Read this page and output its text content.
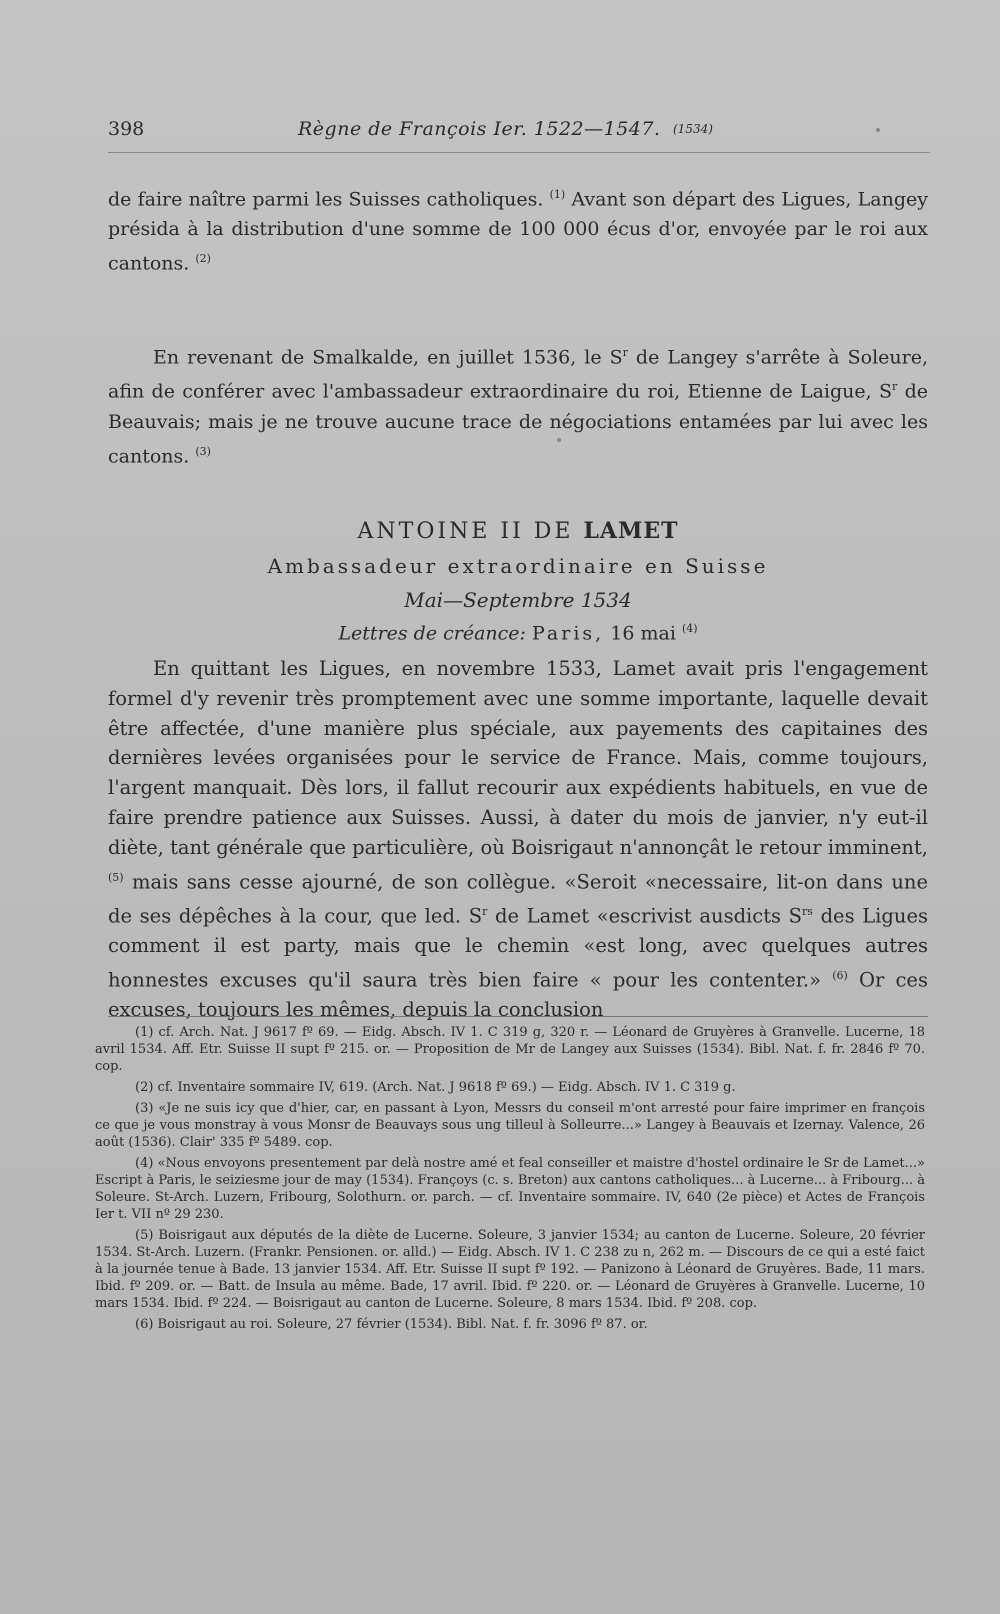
398	Règne de François Ier. 1522—1547. (1534)
de faire naître parmi les Suisses catholiques. $^{(1)}$ Avant son départ des Ligues, Langey présida à la distribution d'une somme de 100 000 écus d'or, envoyée par le roi aux cantons. $^{(2)}$
En revenant de Smalkalde, en juillet 1536, le $S^r$ de Langey s'arrête à Soleure, afin de conférer avec l'ambassadeur extraordinaire du roi, Etienne de Laigue, $S^r$ de Beauvais; mais je ne trouve aucune trace de négociations entamées par lui avec les cantons. $^{(3)}$
ANTOINE II DE LAMET
Ambassadeur extraordinaire en Suisse
Mai—Septembre 1534
Lettres de créance: Paris, 16 mai $^{(4)}$
En quittant les Ligues, en novembre 1533, Lamet avait pris l'engagement formel d'y revenir très promptement avec une somme importante, laquelle devait être affectée, d'une manière plus spéciale, aux payements des capitaines des dernières levées organisées pour le service de France. Mais, comme toujours, l'argent manquait. Dès lors, il fallut recourir aux expédients habituels, en vue de faire prendre patience aux Suisses. Aussi, à dater du mois de janvier, n'y eut-il diète, tant générale que particulière, où Boisrigaut n'annonçât le retour imminent,$^{(5)}$ mais sans cesse ajourné, de son collègue. «Seroit «necessaire, lit-on dans une de ses dépêches à la cour, que led. $S^r$ de Lamet «escrivist ausdicts $S^{rs}$ des Ligues comment il est party, mais que le chemin «est long, avec quelques autres honnestes excuses qu'il saura très bien faire « pour les contenter.» $^{(6)}$ Or ces excuses, toujours les mêmes, depuis la conclusion

(1) cf. Arch. Nat. J 9617 fº 69. — Eidg. Absch. IV 1. C 319 g, 320 r. — Léonard de Gruyères à Granvelle. Lucerne, 18 avril 1534. Aff. Etr. Suisse II supt fº 215. or. — Proposition de Mr de Langey aux Suisses (1534). Bibl. Nat. f. fr. 2846 fº 70. cop.

(2) cf. Inventaire sommaire IV, 619. (Arch. Nat. J 9618 fº 69.) — Eidg. Absch. IV 1. C 319 g.

(3) «Je ne suis icy que d'hier, car, en passant à Lyon, Messrs du conseil m'ont arresté pour faire imprimer en françois ce que je vous monstray à vous Monsr de Beauvays sous ung tilleul à Solleurre...» Langey à Beauvais et Izernay. Valence, 26 août (1536). Clair' 335 fº 5489. cop.

(4) «Nous envoyons presentement par delà nostre amé et feal conseiller et maistre d'hostel ordinaire le Sr de Lamet...» Escript à Paris, le seiziesme jour de may (1534). Françoys (c. s. Breton) aux cantons catholiques... à Lucerne... à Fribourg... à Soleure. St-Arch. Luzern, Fribourg, Solothurn. or. parch. — cf. Inventaire sommaire. IV, 640 (2e pièce) et Actes de François Ier t. VII nº 29 230.

(5) Boisrigaut aux députés de la diète de Lucerne. Soleure, 3 janvier 1534; au canton de Lucerne. Soleure, 20 février 1534. St-Arch. Luzern. (Frankr. Pensionen. or. alld.) — Eidg. Absch. IV 1. C 238 zu n, 262 m. — Discours de ce qui a esté faict à la journée tenue à Bade. 13 janvier 1534. Aff. Etr. Suisse II supt fº 192. — Panizono à Léonard de Gruyères. Bade, 11 mars. Ibid. fº 209. or. — Batt. de Insula au même. Bade, 17 avril. Ibid. fº 220. or. — Léonard de Gruyères à Granvelle. Lucerne, 10 mars 1534. Ibid. fº 224. — Boisrigaut au canton de Lucerne. Soleure, 8 mars 1534. Ibid. fº 208. cop.

(6) Boisrigaut au roi. Soleure, 27 février (1534). Bibl. Nat. f. fr. 3096 fº 87. or.
